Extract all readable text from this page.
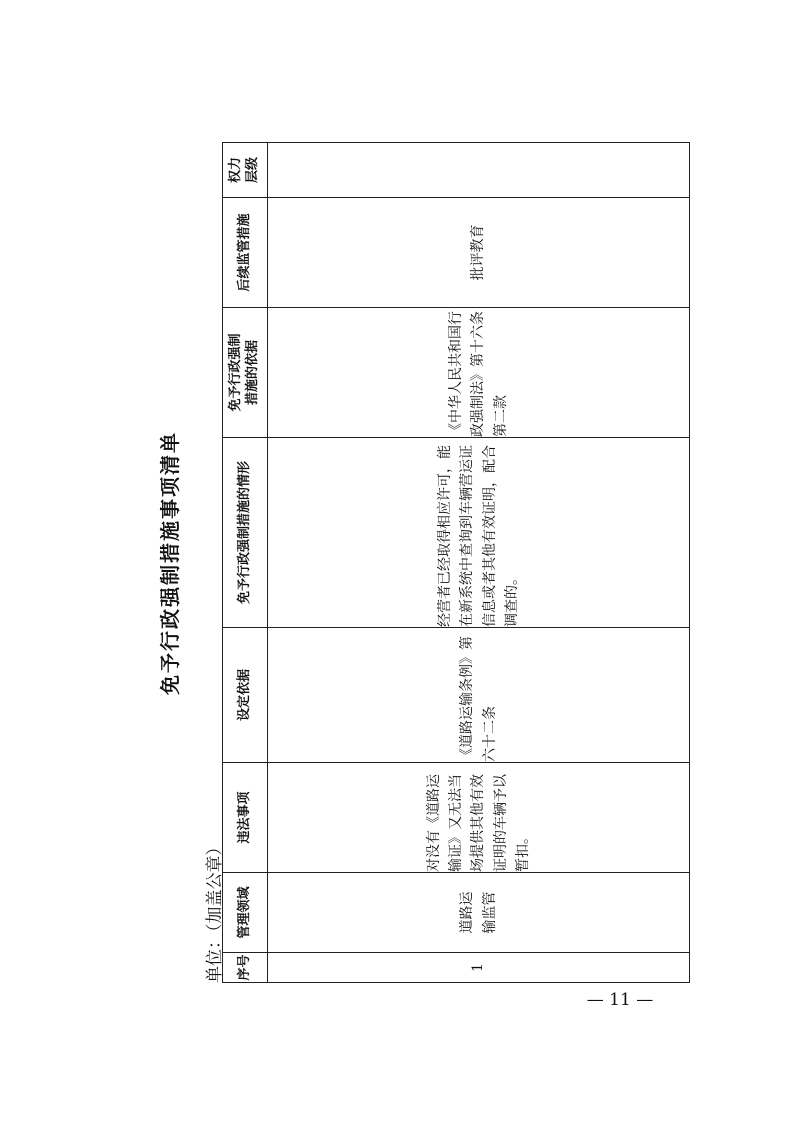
免予行政强制措施事项清单
单位：（加盖公章） 序号	管理领域	违法事项	设定依据	免予行政强制措施的情形	免予行政强制措施的依据	后续监管措施	权力层级
1	道路运输监管	对没有《道路运输证》又无法当场提供其他有效证明的车辆予以暂扣。	《道路运输条例》第六十二条	经营者已经取得相应许可，能在新系统中查询到车辆营运证信息或者其他有效证明，配合调查的。	《中华人民共和国行政强制法》第十六条第二款	批评教育	
— 11 —
